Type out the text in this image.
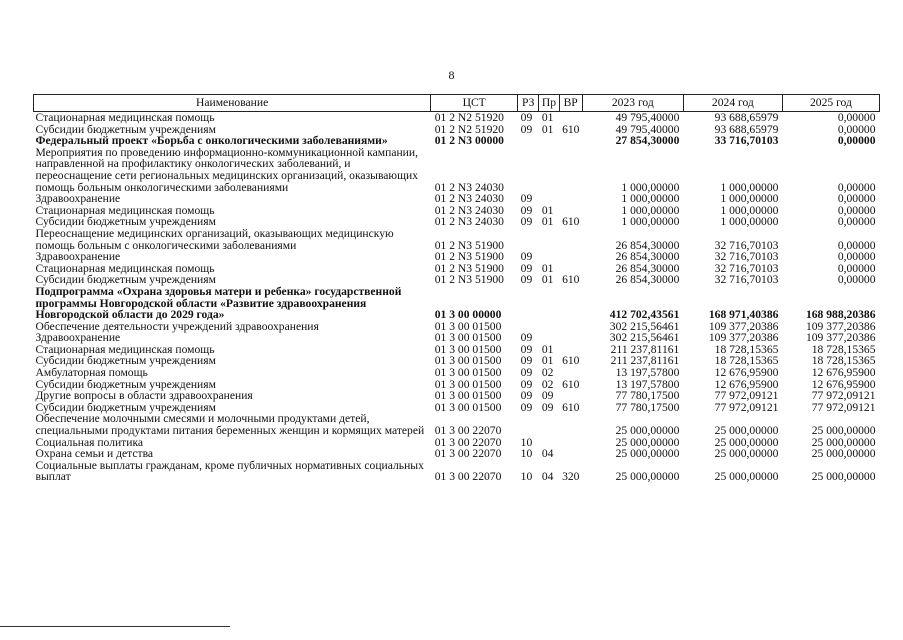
8
Наименование	ЦСТ	РЗ	Пр	ВР	2023 год	2024 год	2025 год
Стационарная медицинская помощь	01 2 N2 51920	09	01		49 795,40000	93 688,65979	0,00000
Субсидии бюджетным учреждениям	01 2 N2 51920	09	01	610	49 795,40000	93 688,65979	0,00000
Федеральный проект «Борьба с онкологическими заболеваниями»	01 2 N3 00000				27 854,30000	33 716,70103	0,00000
Мероприятия по проведению информационно-коммуникационной кампании, направленной на профилактику онкологических заболеваний, и переоснащение сети региональных медицинских организаций, оказывающих помощь больным онкологическими заболеваниями	01 2 N3 24030				1 000,00000	1 000,00000	0,00000
Здравоохранение	01 2 N3 24030	09			1 000,00000	1 000,00000	0,00000
Стационарная медицинская помощь	01 2 N3 24030	09	01		1 000,00000	1 000,00000	0,00000
Субсидии бюджетным учреждениям	01 2 N3 24030	09	01	610	1 000,00000	1 000,00000	0,00000
Переоснащение медицинских организаций, оказывающих медицинскую помощь больным с онкологическими заболеваниями	01 2 N3 51900				26 854,30000	32 716,70103	0,00000
Здравоохранение	01 2 N3 51900	09			26 854,30000	32 716,70103	0,00000
Стационарная медицинская помощь	01 2 N3 51900	09	01		26 854,30000	32 716,70103	0,00000
Субсидии бюджетным учреждениям	01 2 N3 51900	09	01	610	26 854,30000	32 716,70103	0,00000
Подпрограмма «Охрана здоровья матери и ребенка» государственной программы Новгородской области «Развитие здравоохранения Новгородской области до 2029 года»	01 3 00 00000				412 702,43561	168 971,40386	168 988,20386
Обеспечение деятельности учреждений здравоохранения	01 3 00 01500				302 215,56461	109 377,20386	109 377,20386
Здравоохранение	01 3 00 01500	09			302 215,56461	109 377,20386	109 377,20386
Стационарная медицинская помощь	01 3 00 01500	09	01		211 237,81161	18 728,15365	18 728,15365
Субсидии бюджетным учреждениям	01 3 00 01500	09	01	610	211 237,81161	18 728,15365	18 728,15365
Амбулаторная помощь	01 3 00 01500	09	02		13 197,57800	12 676,95900	12 676,95900
Субсидии бюджетным учреждениям	01 3 00 01500	09	02	610	13 197,57800	12 676,95900	12 676,95900
Другие вопросы в области здравоохранения	01 3 00 01500	09	09		77 780,17500	77 972,09121	77 972,09121
Субсидии бюджетным учреждениям	01 3 00 01500	09	09	610	77 780,17500	77 972,09121	77 972,09121
Обеспечение молочными смесями и молочными продуктами детей, специальными продуктами питания беременных женщин и кормящих матерей	01 3 00 22070				25 000,00000	25 000,00000	25 000,00000
Социальная политика	01 3 00 22070	10			25 000,00000	25 000,00000	25 000,00000
Охрана семьи и детства	01 3 00 22070	10	04		25 000,00000	25 000,00000	25 000,00000
Социальные выплаты гражданам, кроме публичных нормативных социальных выплат	01 3 00 22070	10	04	320	25 000,00000	25 000,00000	25 000,00000
